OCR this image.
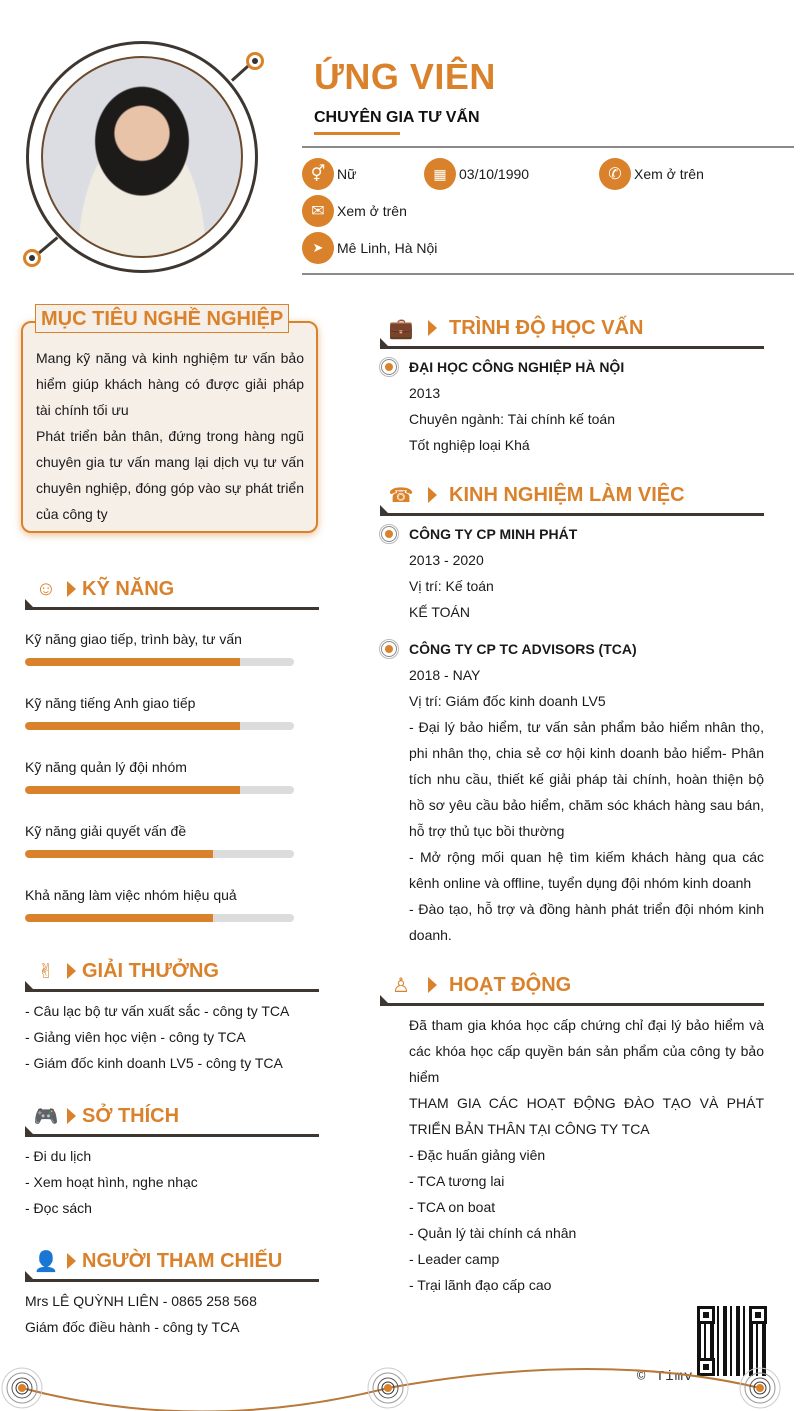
ỨNG VIÊN
CHUYÊN GIA TƯ VẤN
⚥ Nữ	▦ 03/10/1990	✆ Xem ở trên
✉ Xem ở trên
➤ Mê Linh, Hà Nội

Mang kỹ năng và kinh nghiệm tư vấn bảo hiểm giúp khách hàng có được giải pháp tài chính tối ưu

Phát triển bản thân, đứng trong hàng ngũ chuyên gia tư vấn mang lại dịch vụ tư vấn chuyên nghiệp, đóng góp vào sự phát triển của công ty

MỤC TIÊU NGHỀ NGHIỆP
☺ KỸ NĂNG
Kỹ năng giao tiếp, trình bày, tư vấn
Kỹ năng tiếng Anh giao tiếp
Kỹ năng quản lý đội nhóm
Kỹ năng giải quyết vấn đề
Khả năng làm việc nhóm hiệu quả
✌ GIẢI THƯỞNG
- Câu lạc bộ tư vấn xuất sắc - công ty TCA
- Giảng viên học viện - công ty TCA
- Giám đốc kinh doanh LV5 - công ty TCA
🎮 SỞ THÍCH
- Đi du lịch
- Xem hoạt hình, nghe nhạc
- Đọc sách
👤 NGƯỜI THAM CHIẾU
Mrs LÊ QUỲNH LIÊN - 0865 258 568
Giám đốc điều hành - công ty TCA
💼 TRÌNH ĐỘ HỌC VẤN
ĐẠI HỌC CÔNG NGHIỆP HÀ NỘI
2013
Chuyên ngành: Tài chính kế toán
Tốt nghiệp loại Khá
☎ KINH NGHIỆM LÀM VIỆC
CÔNG TY CP MINH PHÁT
2013 - 2020
Vị trí: Kế toán
KẾ TOÁN
CÔNG TY CP TC ADVISORS (TCA)
2018 - NAY
Vị trí: Giám đốc kinh doanh LV5
- Đại lý bảo hiểm, tư vấn sản phẩm bảo hiểm nhân thọ, phi nhân thọ, chia sẻ cơ hội kinh doanh bảo hiểm- Phân tích nhu cầu, thiết kế giải pháp tài chính, hoàn thiện bộ hồ sơ yêu cầu bảo hiểm, chăm sóc khách hàng sau bán, hỗ trợ thủ tục bồi thường
- Mở rộng mối quan hệ tìm kiếm khách hàng qua các kênh online và offline, tuyển dụng đội nhóm kinh doanh
- Đào tạo, hỗ trợ và đồng hành phát triển đội nhóm kinh doanh.
♙ HOẠT ĐỘNG
Đã tham gia khóa học cấp chứng chỉ đại lý bảo hiểm và các khóa học cấp quyền bán sản phẩm của công ty bảo hiểm
THAM GIA CÁC HOẠT ĐỘNG ĐÀO TẠO VÀ PHÁT TRIỂN BẢN THÂN TẠI CÔNG TY TCA
- Đặc huấn giảng viên
- TCA tương lai
- TCA on boat
- Quản lý tài chính cá nhân
- Leader camp
- Trại lãnh đạo cấp cao
© Timv
